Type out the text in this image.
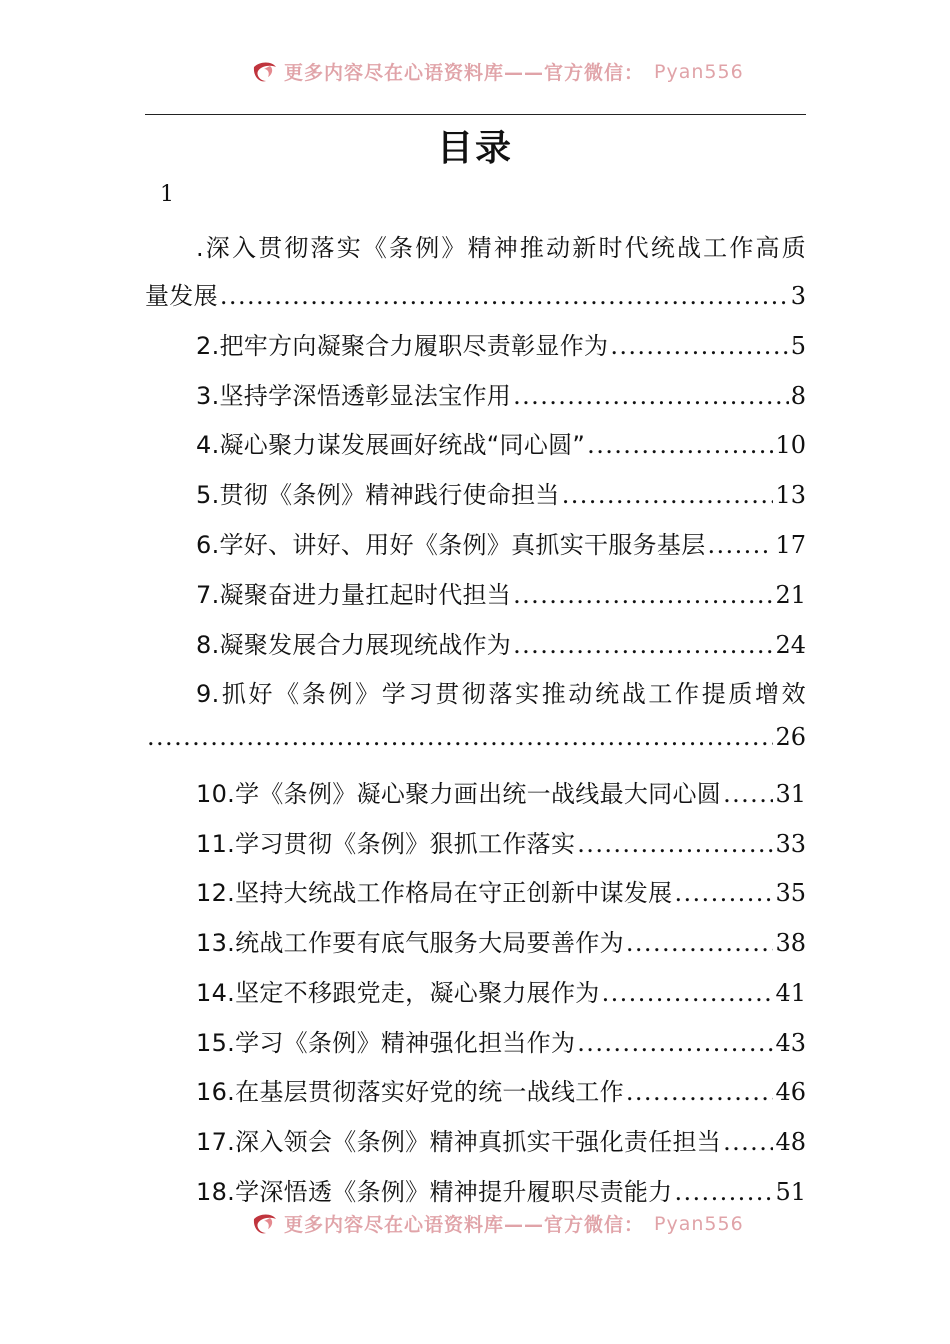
更多内容尽在心语资料库——官方微信： Pyan556
目录
1
.深入贯彻落实《条例》精神推动新时代统战工作高质
量发展 .....	3
2.把牢方向凝聚合力履职尽责彰显作为 .....	5
3.坚持学深悟透彰显法宝作用 .....	8
4.凝心聚力谋发展画好统战“同心圆” .....	10
5.贯彻《条例》精神践行使命担当 .....	13
6.学好、讲好、用好《条例》真抓实干服务基层 .....	17
7.凝聚奋进力量扛起时代担当 .....	21
8.凝聚发展合力展现统战作为 .....	24
9.抓好《条例》学习贯彻落实推动统战工作提质增效
.....
26
10.学《条例》凝心聚力画出统一战线最大同心圆 ..... 31
11.学习贯彻《条例》狠抓工作落实 .....	33
12.坚持大统战工作格局在守正创新中谋发展 .....	35
13.统战工作要有底气服务大局要善作为 .....	38
14.坚定不移跟党走，凝心聚力展作为 .....	41
15.学习《条例》精神强化担当作为 .....	43
16.在基层贯彻落实好党的统一战线工作 .....	46
17.深入领会《条例》精神真抓实干强化责任担当 ..... 48
18.学深悟透《条例》精神提升履职尽责能力 .....	51
更多内容尽在心语资料库——官方微信： Pyan556
